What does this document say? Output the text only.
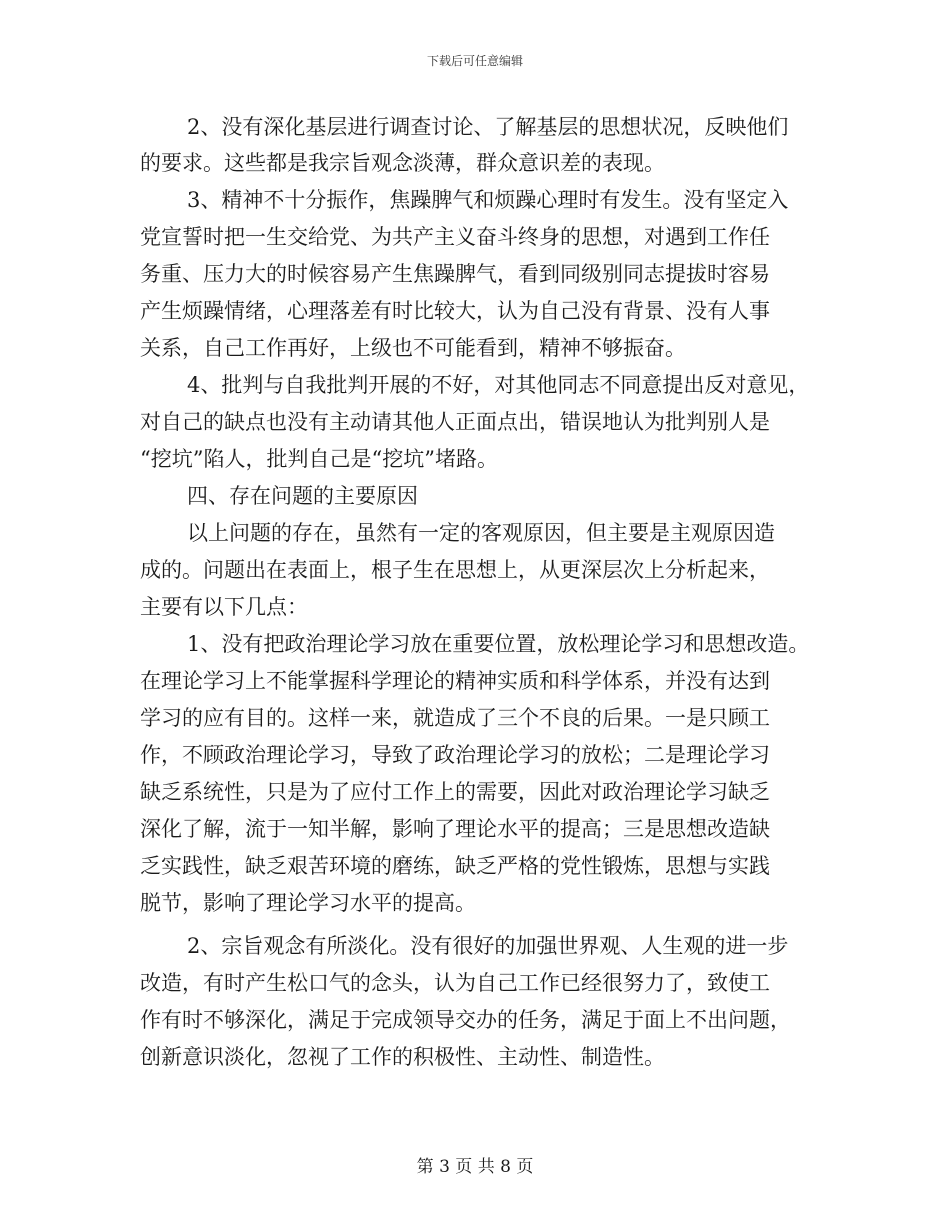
下载后可任意编辑
2、没有深化基层进行调查讨论、了解基层的思想状况，反映他们
的要求。这些都是我宗旨观念淡薄，群众意识差的表现。
3、精神不十分振作，焦躁脾气和烦躁心理时有发生。没有坚定入
党宣誓时把一生交给党、为共产主义奋斗终身的思想，对遇到工作任
务重、压力大的时候容易产生焦躁脾气，看到同级别同志提拔时容易
产生烦躁情绪，心理落差有时比较大，认为自己没有背景、没有人事
关系，自己工作再好，上级也不可能看到，精神不够振奋。
4、批判与自我批判开展的不好，对其他同志不同意提出反对意见，
对自己的缺点也没有主动请其他人正面点出，错误地认为批判别人是
“挖坑”陷人，批判自己是“挖坑”堵路。
四、存在问题的主要原因
以上问题的存在，虽然有一定的客观原因，但主要是主观原因造
成的。问题出在表面上，根子生在思想上，从更深层次上分析起来，
主要有以下几点：
1、没有把政治理论学习放在重要位置，放松理论学习和思想改造。
在理论学习上不能掌握科学理论的精神实质和科学体系，并没有达到
学习的应有目的。这样一来，就造成了三个不良的后果。一是只顾工
作，不顾政治理论学习，导致了政治理论学习的放松；二是理论学习
缺乏系统性，只是为了应付工作上的需要，因此对政治理论学习缺乏
深化了解，流于一知半解，影响了理论水平的提高；三是思想改造缺
乏实践性，缺乏艰苦环境的磨练，缺乏严格的党性锻炼，思想与实践
脱节，影响了理论学习水平的提高。
2、宗旨观念有所淡化。没有很好的加强世界观、人生观的进一步
改造，有时产生松口气的念头，认为自己工作已经很努力了，致使工
作有时不够深化，满足于完成领导交办的任务，满足于面上不出问题，
创新意识淡化，忽视了工作的积极性、主动性、制造性。
第 3 页 共 8 页
